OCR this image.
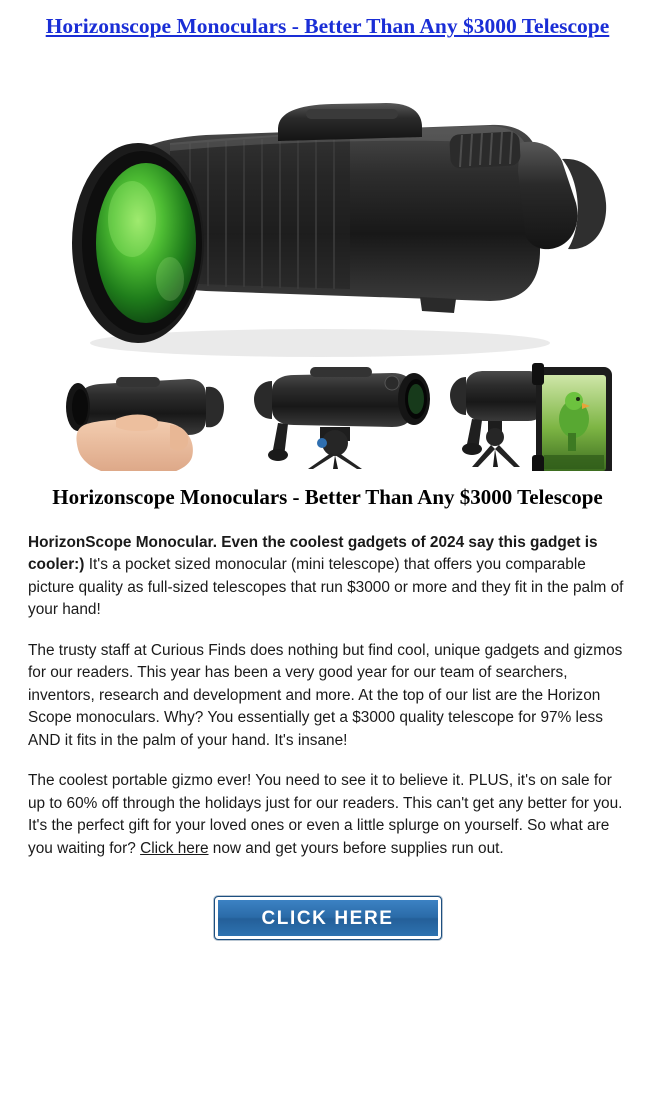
Horizonscope Monoculars - Better Than Any $3000 Telescope
Horizonscope Monoculars - Better Than Any $3000 Telescope

HorizonScope Monocular. Even the coolest gadgets of 2024 say this gadget is cooler:) It's a pocket sized monocular (mini telescope) that offers you comparable picture quality as full-sized telescopes that run $3000 or more and they fit in the palm of your hand!

The trusty staff at Curious Finds does nothing but find cool, unique gadgets and gizmos for our readers. This year has been a very good year for our team of searchers, inventors, research and development and more. At the top of our list are the Horizon Scope monoculars. Why? You essentially get a $3000 quality telescope for 97% less AND it fits in the palm of your hand. It's insane!

The coolest portable gizmo ever! You need to see it to believe it. PLUS, it's on sale for up to 60% off through the holidays just for our readers. This can't get any better for you. It's the perfect gift for your loved ones or even a little splurge on yourself. So what are you waiting for? Click here now and get yours before supplies run out.

CLICK HERE
